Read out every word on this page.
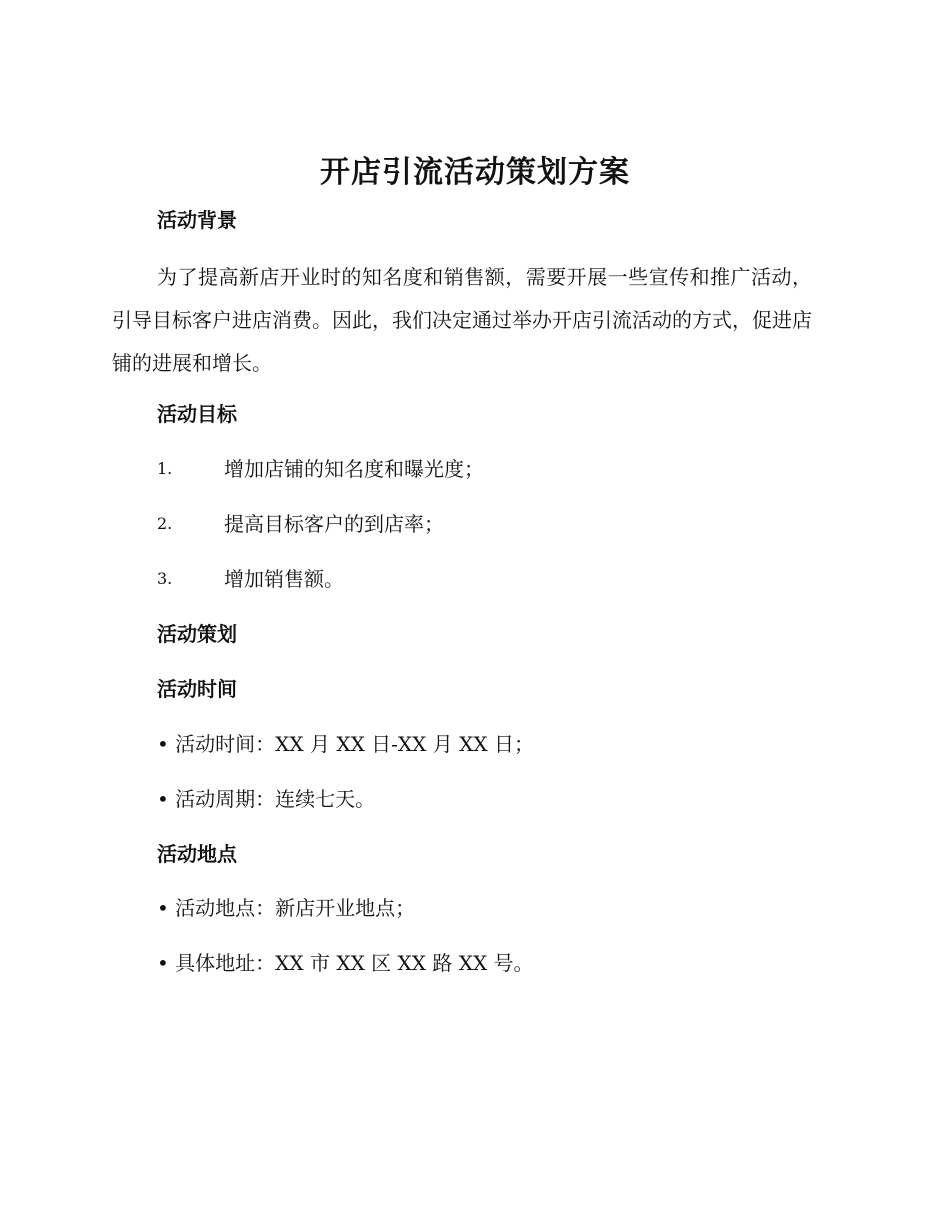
开店引流活动策划方案
活动背景

为了提高新店开业时的知名度和销售额，需要开展一些宣传和推广活动，引导目标客户进店消费。因此，我们决定通过举办开店引流活动的方式，促进店铺的进展和增长。

活动目标
1.	增加店铺的知名度和曝光度；
2.	提高目标客户的到店率；
3.	增加销售额。
活动策划
活动时间
• 活动时间：XX 月 XX 日-XX 月 XX 日；
• 活动周期：连续七天。
活动地点
• 活动地点：新店开业地点；
• 具体地址：XX 市 XX 区 XX 路 XX 号。
